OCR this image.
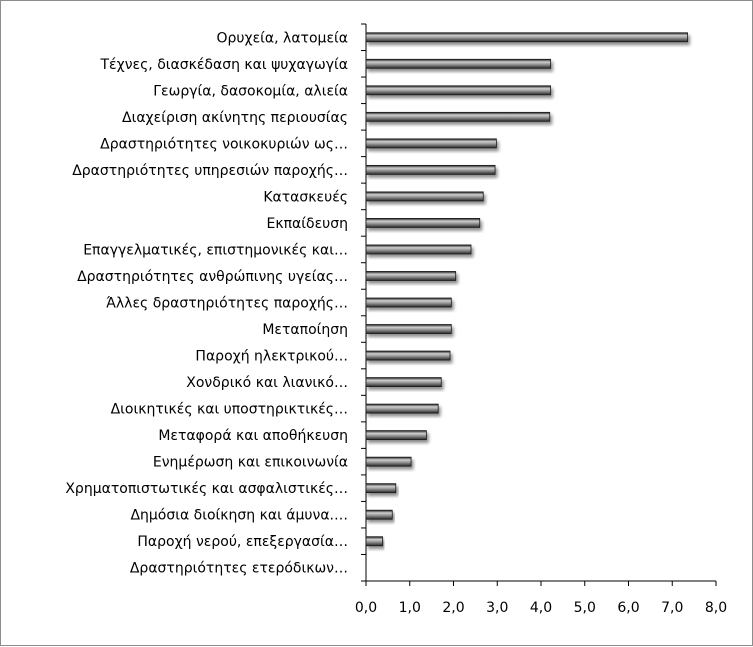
0,0 1,0 2,0 3,0 4,0 5,0 6,0 7,0 8,0
Ορυχεία, λατομεία
Τέχνες, διασκέδαση και ψυχαγωγία
Γεωργία, δασοκομία, αλιεία
Διαχείριση ακίνητης περιουσίας
Δραστηριότητες νοικοκυριών ως…
Δραστηριότητες υπηρεσιών παροχής…
Κατασκευές
Εκπαίδευση
Επαγγελματικές, επιστημονικές και…
Δραστηριότητες ανθρώπινης υγείας…
Άλλες δραστηριότητες παροχής…
Μεταποίηση
Παροχή ηλεκτρικού…
Χονδρικό και λιανικό…
Διοικητικές και υποστηρικτικές…
Μεταφορά και αποθήκευση
Ενημέρωση και επικοινωνία
Χρηματοπιστωτικές και ασφαλιστικές…
Δημόσια διοίκηση και άμυνα.…
Παροχή νερού, επεξεργασία…
Δραστηριότητες ετερόδικων…
